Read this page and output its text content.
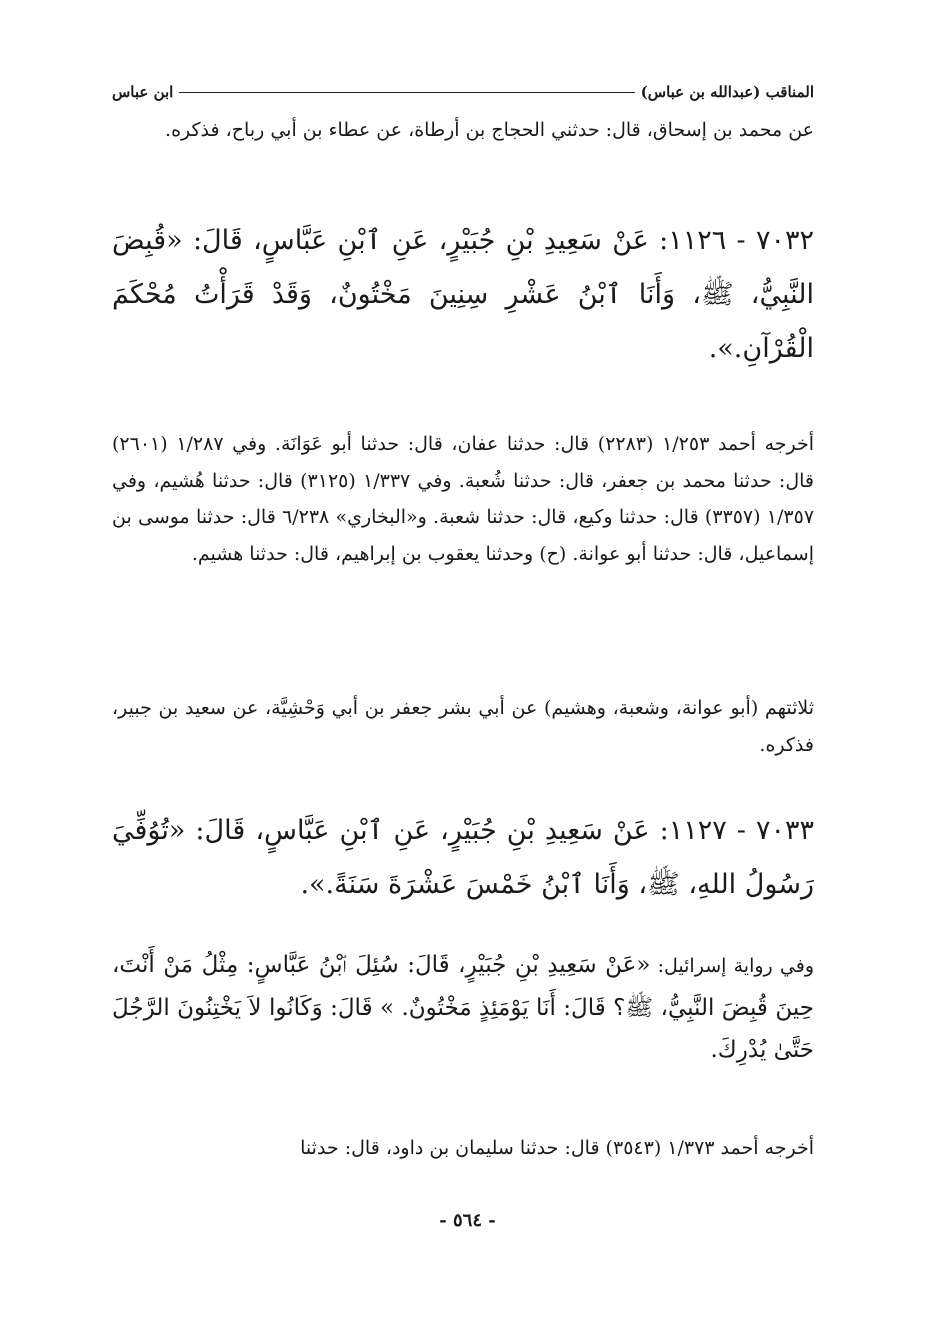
المناقب (عبدالله بن عباس)
ابن عباس

عن محمد بن إسحاق، قال: حدثني الحجاج بن أرطاة، عن عطاء بن أبي رباح، فذكره.

٧٠٣٢ - ١١٢٦: عَنْ سَعِيدِ بْنِ جُبَيْرٍ، عَنِ ٱبْنِ عَبَّاسٍ، قَالَ: «قُبِضَ النَّبِيُّ، ﷺ، وَأَنَا ٱبْنُ عَشْرِ سِنِينَ مَخْتُونٌ، وَقَدْ قَرَأْتُ مُحْكَمَ الْقُرْآنِ.».

أخرجه أحمد ١/٢٥٣ (٢٢٨٣) قال: حدثنا عفان، قال: حدثنا أبو عَوَانَة. وفي ١/٢٨٧ (٢٦٠١) قال: حدثنا محمد بن جعفر، قال: حدثنا شُعبة. وفي ١/٣٣٧ (٣١٢٥) قال: حدثنا هُشيم، وفي ١/٣٥٧ (٣٣٥٧) قال: حدثنا وكيع، قال: حدثنا شعبة. و«البخاري» ٦/٢٣٨ قال: حدثنا موسى بن إسماعيل، قال: حدثنا أبو عوانة. (ح) وحدثنا يعقوب بن إبراهيم، قال: حدثنا هشيم.

ثلاثتهم (أبو عوانة، وشعبة، وهشيم) عن أبي بشر جعفر بن أبي وَحْشِيَّة، عن سعيد بن جبير، فذكره.

٧٠٣٣ - ١١٢٧: عَنْ سَعِيدِ بْنِ جُبَيْرٍ، عَنِ ٱبْنِ عَبَّاسٍ، قَالَ: «تُوُفِّيَ رَسُولُ اللهِ، ﷺ، وَأَنَا ٱبْنُ خَمْسَ عَشْرَةَ سَنَةً.».

وفي رواية إسرائيل: «عَنْ سَعِيدِ بْنِ جُبَيْرٍ، قَالَ: سُئِلَ ٱبْنُ عَبَّاسٍ: مِثْلُ مَنْ أَنْتَ، حِينَ قُبِضَ النَّبِيُّ، ﷺ؟ قَالَ: أَنَا يَوْمَئِذٍ مَخْتُونٌ. » قَالَ: وَكَانُوا لاَ يَخْتِنُونَ الرَّجُلَ حَتَّىٰ يُدْرِكَ.

أخرجه أحمد ١/٣٧٣ (٣٥٤٣) قال: حدثنا سليمان بن داود، قال: حدثنا

- ٥٦٤ -
